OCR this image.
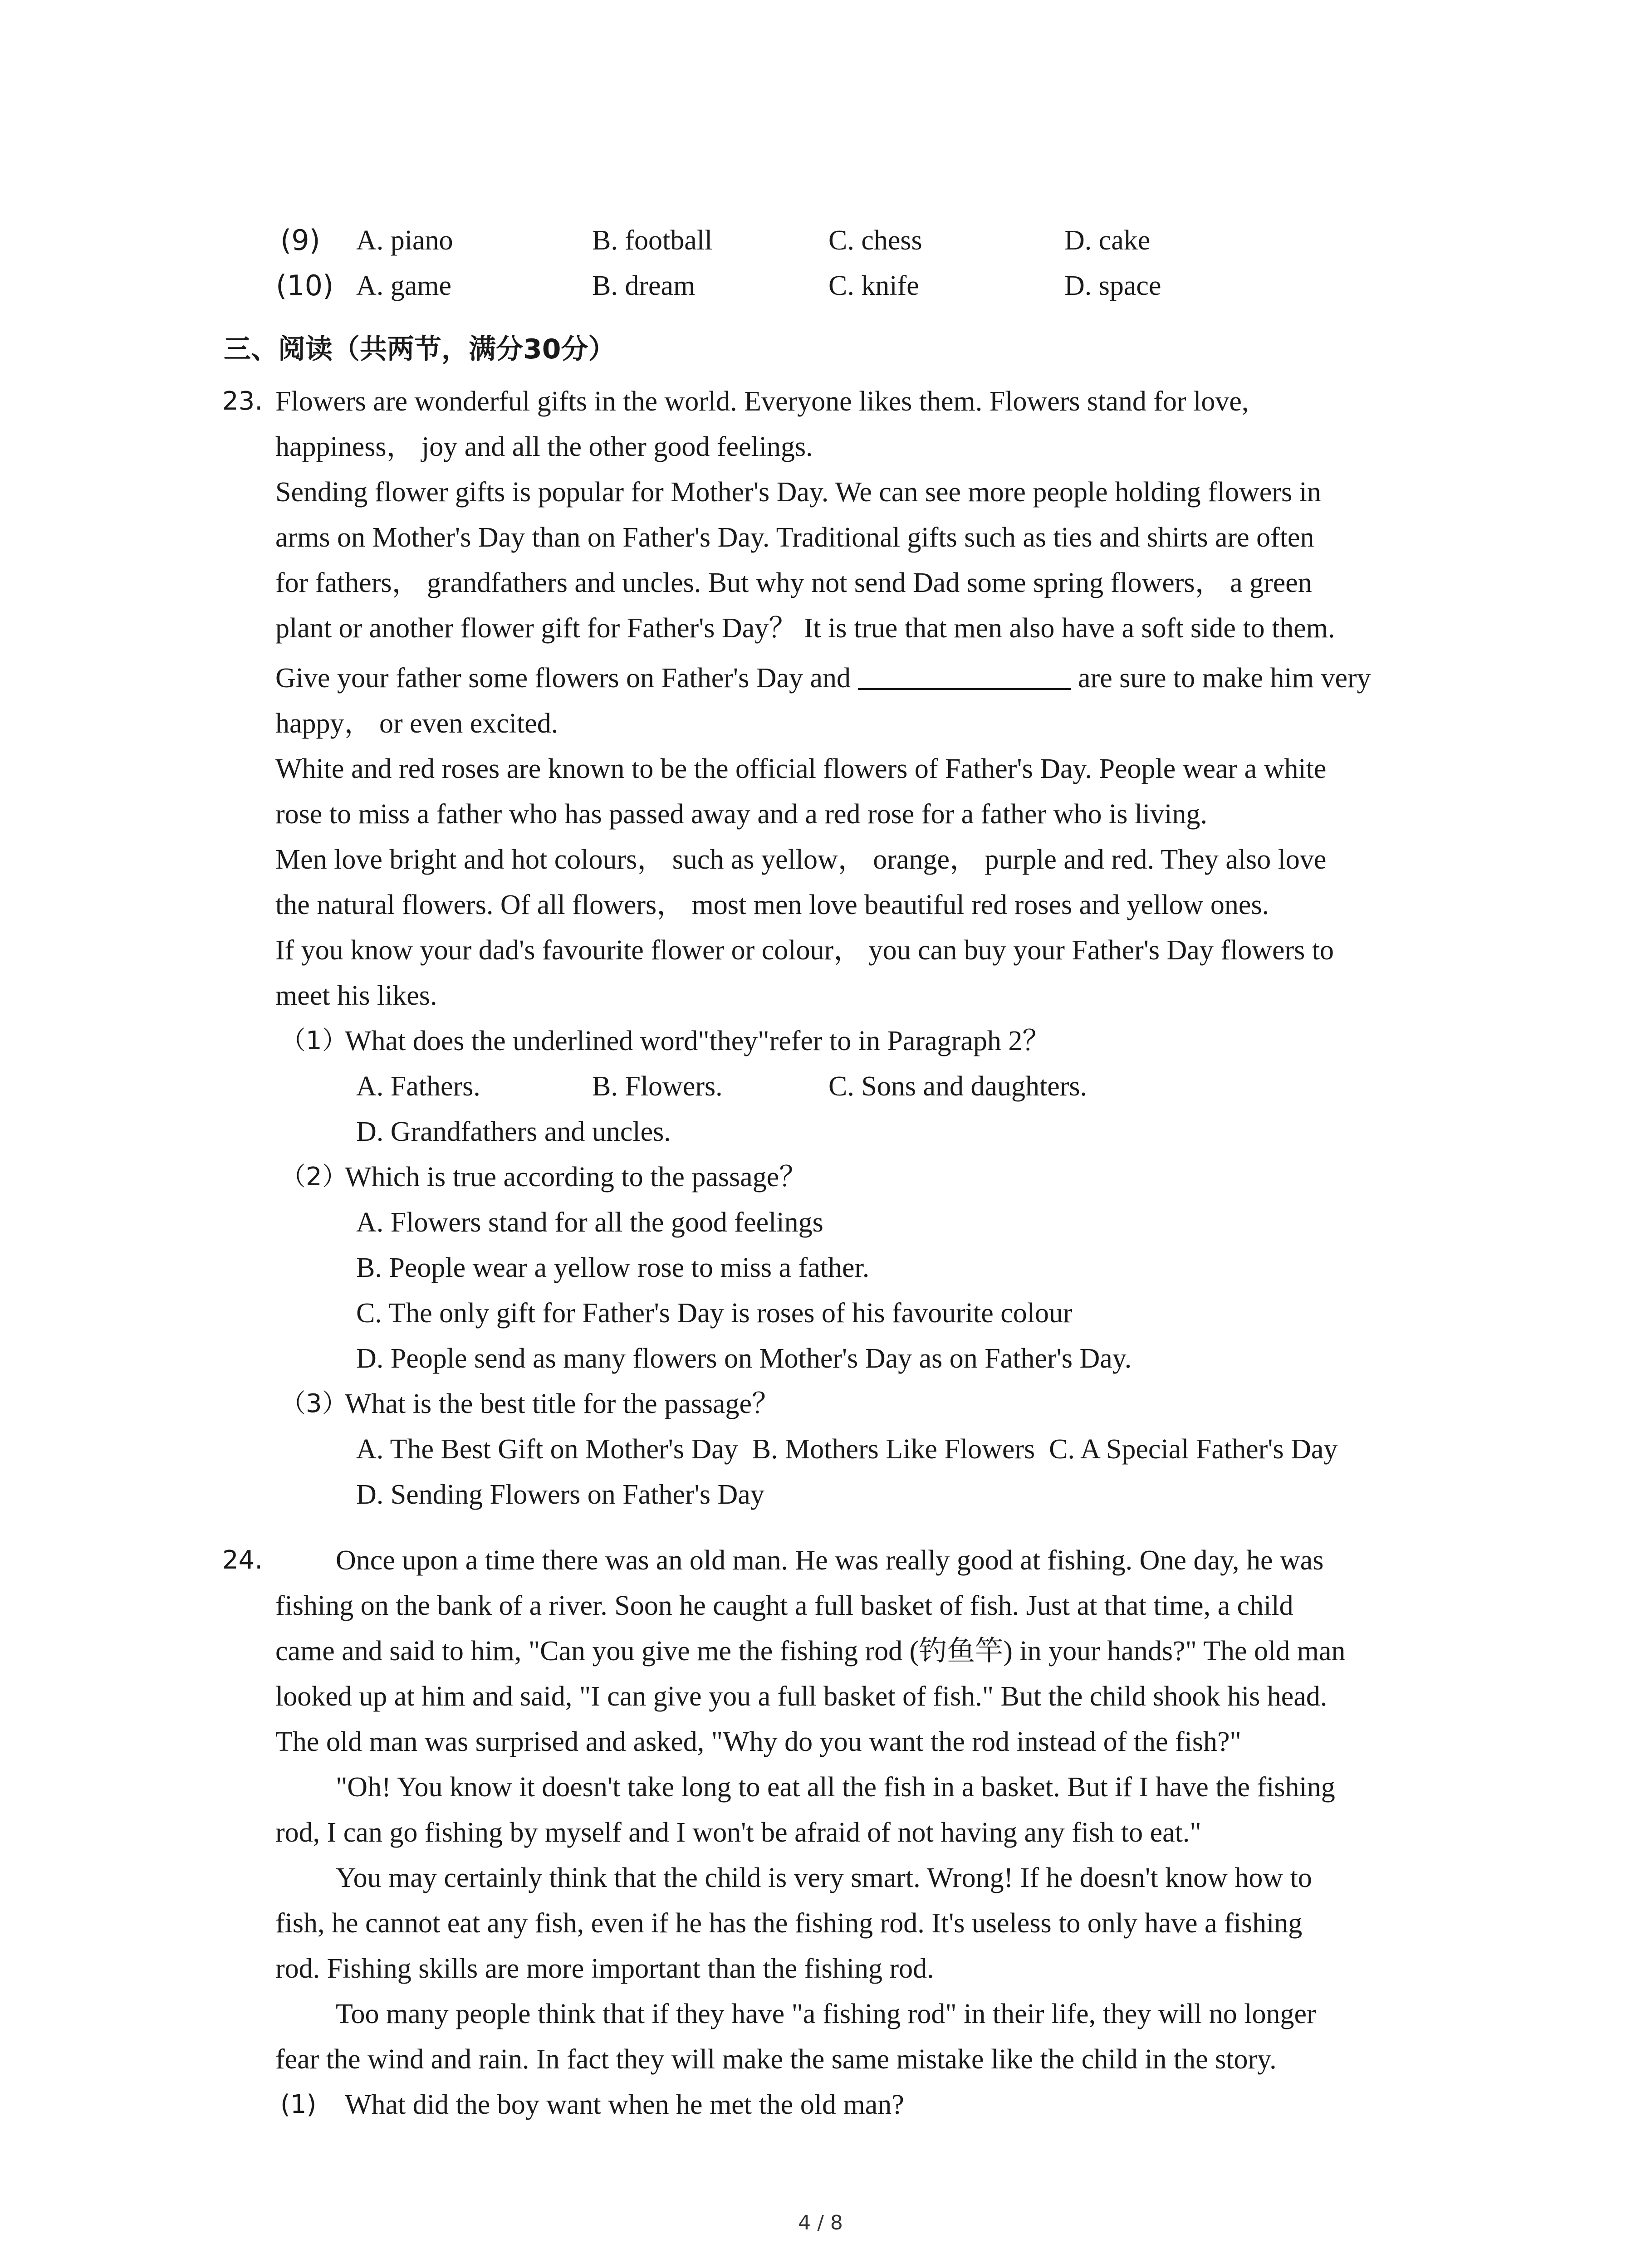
(9) A. piano	B. football	C. chess	D. cake
(10) A. game	B. dream	C. knife	D. space
三、阅读（共两节，满分30分）
23. Flowers are wonderful gifts in the world. Everyone likes them. Flowers stand for love,
happiness， joy and all the other good feelings.
Sending flower gifts is popular for Mother's Day. We can see more people holding flowers in
arms on Mother's Day than on Father's Day. Traditional gifts such as ties and shirts are often
for fathers， grandfathers and uncles. But why not send Dad some spring flowers， a green
plant or another flower gift for Father's Day？ It is true that men also have a soft side to them.
Give your father some flowers on Father's Day and	are sure to make him very
happy， or even excited.
White and red roses are known to be the official flowers of Father's Day. People wear a white
rose to miss a father who has passed away and a red rose for a father who is living.
Men love bright and hot colours， such as yellow， orange， purple and red. They also love
the natural flowers. Of all flowers， most men love beautiful red roses and yellow ones.
If you know your dad's favourite flower or colour， you can buy your Father's Day flowers to
meet his likes.
（1）
What does the underlined word"they"refer to in Paragraph 2？
A. Fathers.	B. Flowers.	C. Sons and daughters.
D. Grandfathers and uncles.
（2）
Which is true according to the passage？
A. Flowers stand for all the good feelings
B. People wear a yellow rose to miss a father.
C. The only gift for Father's Day is roses of his favourite colour
D. People send as many flowers on Mother's Day as on Father's Day.
（3）
What is the best title for the passage？
A. The Best Gift on Mother's Day  B. Mothers Like Flowers  C. A Special Father's Day
D. Sending Flowers on Father's Day
24.	Once upon a time there was an old man. He was really good at fishing. One day, he was
fishing on the bank of a river. Soon he caught a full basket of fish. Just at that time, a child
came and said to him, "Can you give me the fishing rod (钓鱼竿) in your hands?" The old man
looked up at him and said, "I can give you a full basket of fish." But the child shook his head.
The old man was surprised and asked, "Why do you want the rod instead of the fish?"
"Oh! You know it doesn't take long to eat all the fish in a basket. But if I have the fishing
rod, I can go fishing by myself and I won't be afraid of not having any fish to eat."
You may certainly think that the child is very smart. Wrong! If he doesn't know how to
fish, he cannot eat any fish, even if he has the fishing rod. It's useless to only have a fishing
rod. Fishing skills are more important than the fishing rod.
Too many people think that if they have "a fishing rod" in their life, they will no longer
fear the wind and rain. In fact they will make the same mistake like the child in the story.
(1) What did the boy want when he met the old man?
4 / 8
